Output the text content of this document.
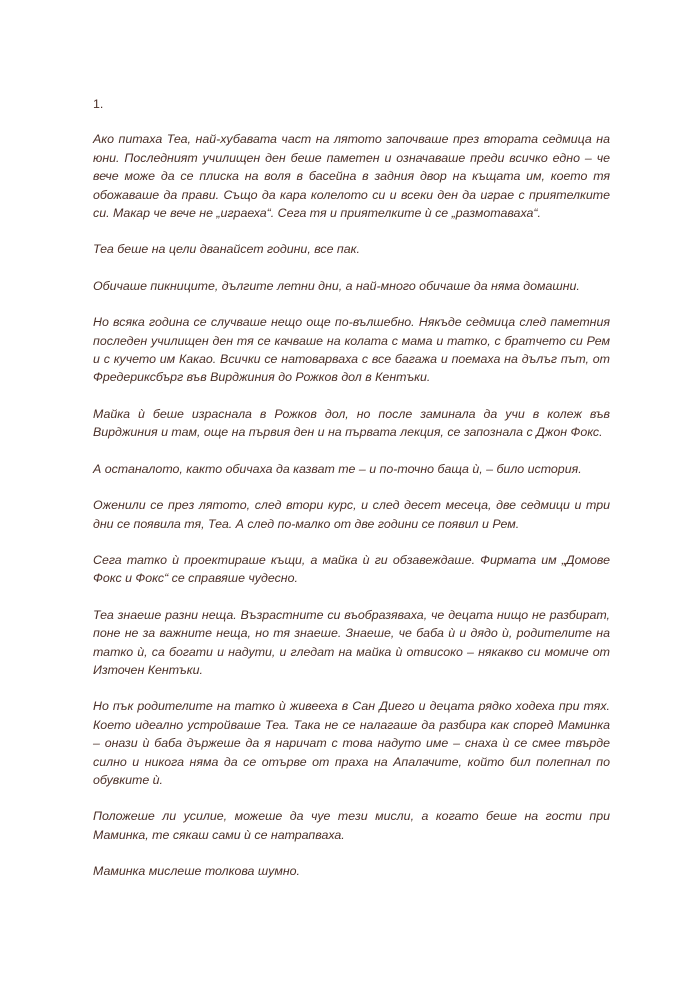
1.

Ако питаха Теа, най-хубавата част на лятото започваше през втората седмица на юни. Последният училищен ден беше паметен и означаваше преди всичко едно – че вече може да се плиска на воля в басейна в задния двор на къщата им, което тя обожаваше да прави. Също да кара колелото си и всеки ден да играе с приятелките си. Макар че вече не „играеха“. Сега тя и приятелките ѝ се „размотаваха“.

Теа беше на цели дванайсет години, все пак.

Обичаше пикниците, дългите летни дни, а най-много обичаше да няма домашни.

Но всяка година се случваше нещо още по-вълшебно. Някъде седмица след паметния последен училищен ден тя се качваше на колата с мама и татко, с братчето си Рем и с кучето им Какао. Всички се натоварваха с все багажа и поемаха на дълъг път, от Фредериксбърг във Вирджиния до Рожков дол в Кентъки.

Майка ѝ беше израснала в Рожков дол, но после заминала да учи в колеж във Вирджиния и там, още на първия ден и на първата лекция, се запознала с Джон Фокс.

А останалото, както обичаха да казват те – и по-точно баща ѝ, – било история.

Оженили се през лятото, след втори курс, и след десет месеца, две седмици и три дни се появила тя, Теа. А след по-малко от две години се появил и Рем.

Сега татко ѝ проектираше къщи, а майка ѝ ги обзавеждаше. Фирмата им „Домове Фокс и Фокс“ се справяше чудесно.

Теа знаеше разни неща. Възрастните си въобразяваха, че децата нищо не разбират, поне не за важните неща, но тя знаеше. Знаеше, че баба ѝ и дядо ѝ, родителите на татко ѝ, са богати и надути, и гледат на майка ѝ отвисоко – някакво си момиче от Източен Кентъки.

Но пък родителите на татко ѝ живееха в Сан Диего и децата рядко ходеха при тях. Което идеално устройваше Теа. Така не се налагаше да разбира как според Маминка – онази ѝ баба държеше да я наричат с това надуто име – снаха ѝ се смее твърде силно и никога няма да се отърве от праха на Апалачите, който бил полепнал по обувките ѝ.

Положеше ли усилие, можеше да чуе тези мисли, а когато беше на гости при Маминка, те сякаш сами ѝ се натрапваха.

Маминка мислеше толкова шумно.
